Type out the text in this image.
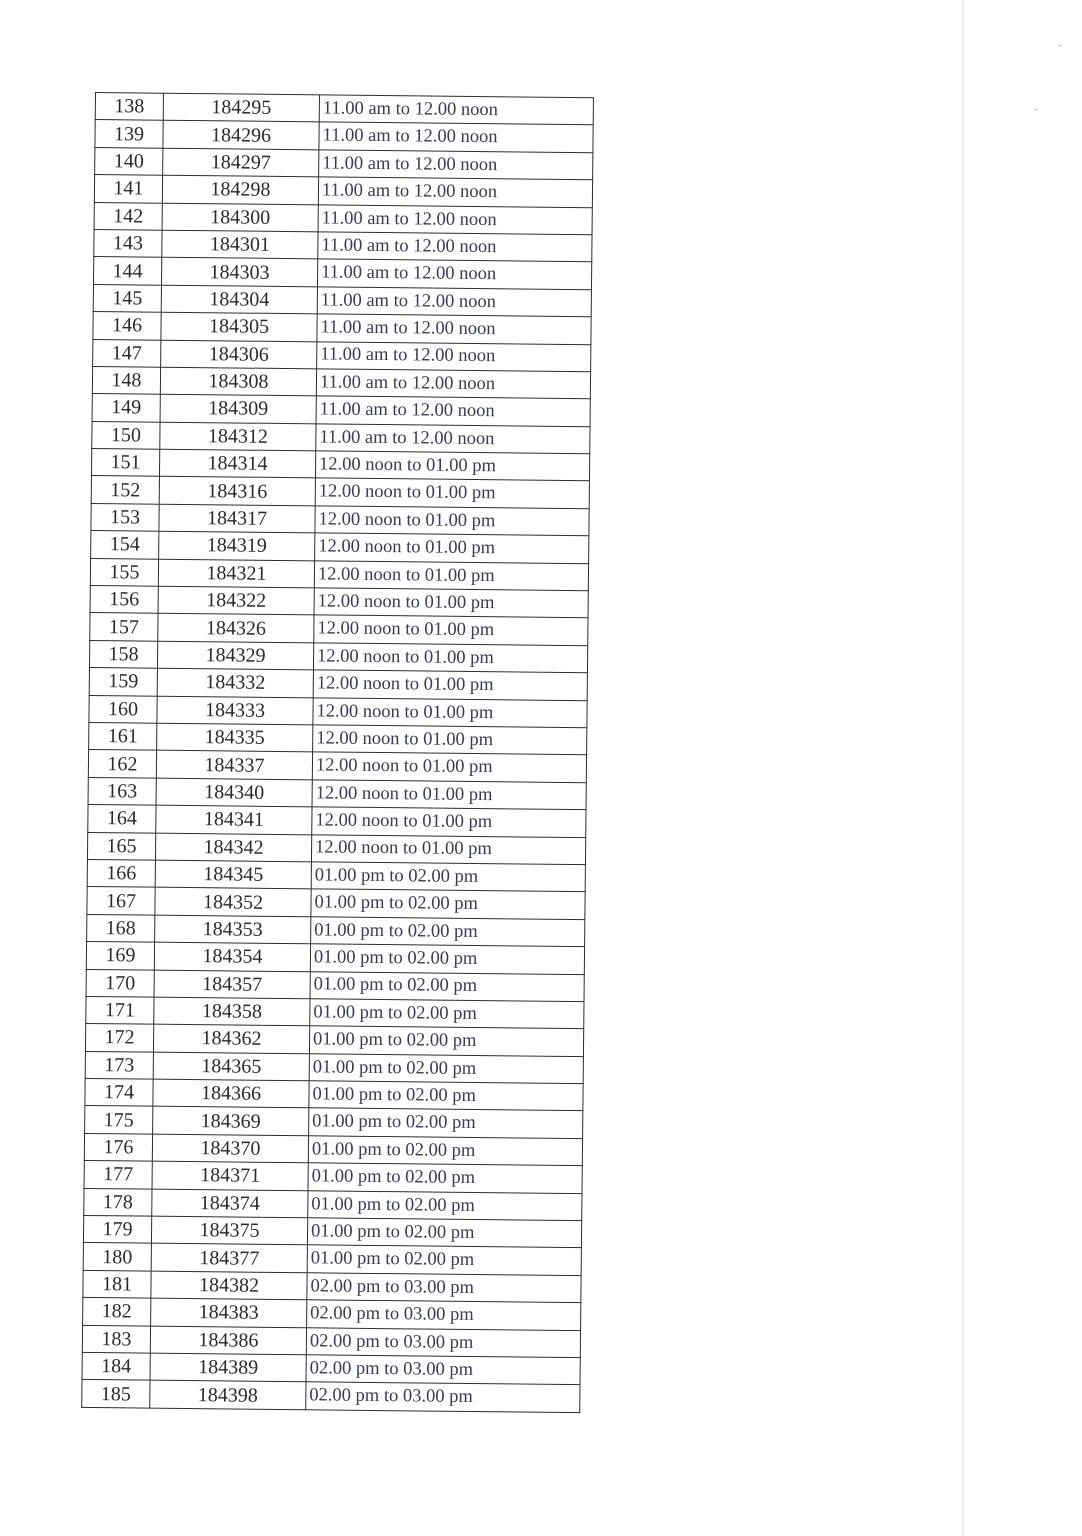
-
-
138	184295	11.00 am to 12.00 noon
139	184296	11.00 am to 12.00 noon
140	184297	11.00 am to 12.00 noon
141	184298	11.00 am to 12.00 noon
142	184300	11.00 am to 12.00 noon
143	184301	11.00 am to 12.00 noon
144	184303	11.00 am to 12.00 noon
145	184304	11.00 am to 12.00 noon
146	184305	11.00 am to 12.00 noon
147	184306	11.00 am to 12.00 noon
148	184308	11.00 am to 12.00 noon
149	184309	11.00 am to 12.00 noon
150	184312	11.00 am to 12.00 noon
151	184314	12.00 noon to 01.00 pm
152	184316	12.00 noon to 01.00 pm
153	184317	12.00 noon to 01.00 pm
154	184319	12.00 noon to 01.00 pm
155	184321	12.00 noon to 01.00 pm
156	184322	12.00 noon to 01.00 pm
157	184326	12.00 noon to 01.00 pm
158	184329	12.00 noon to 01.00 pm
159	184332	12.00 noon to 01.00 pm
160	184333	12.00 noon to 01.00 pm
161	184335	12.00 noon to 01.00 pm
162	184337	12.00 noon to 01.00 pm
163	184340	12.00 noon to 01.00 pm
164	184341	12.00 noon to 01.00 pm
165	184342	12.00 noon to 01.00 pm
166	184345	01.00 pm to 02.00 pm
167	184352	01.00 pm to 02.00 pm
168	184353	01.00 pm to 02.00 pm
169	184354	01.00 pm to 02.00 pm
170	184357	01.00 pm to 02.00 pm
171	184358	01.00 pm to 02.00 pm
172	184362	01.00 pm to 02.00 pm
173	184365	01.00 pm to 02.00 pm
174	184366	01.00 pm to 02.00 pm
175	184369	01.00 pm to 02.00 pm
176	184370	01.00 pm to 02.00 pm
177	184371	01.00 pm to 02.00 pm
178	184374	01.00 pm to 02.00 pm
179	184375	01.00 pm to 02.00 pm
180	184377	01.00 pm to 02.00 pm
181	184382	02.00 pm to 03.00 pm
182	184383	02.00 pm to 03.00 pm
183	184386	02.00 pm to 03.00 pm
184	184389	02.00 pm to 03.00 pm
185	184398	02.00 pm to 03.00 pm
